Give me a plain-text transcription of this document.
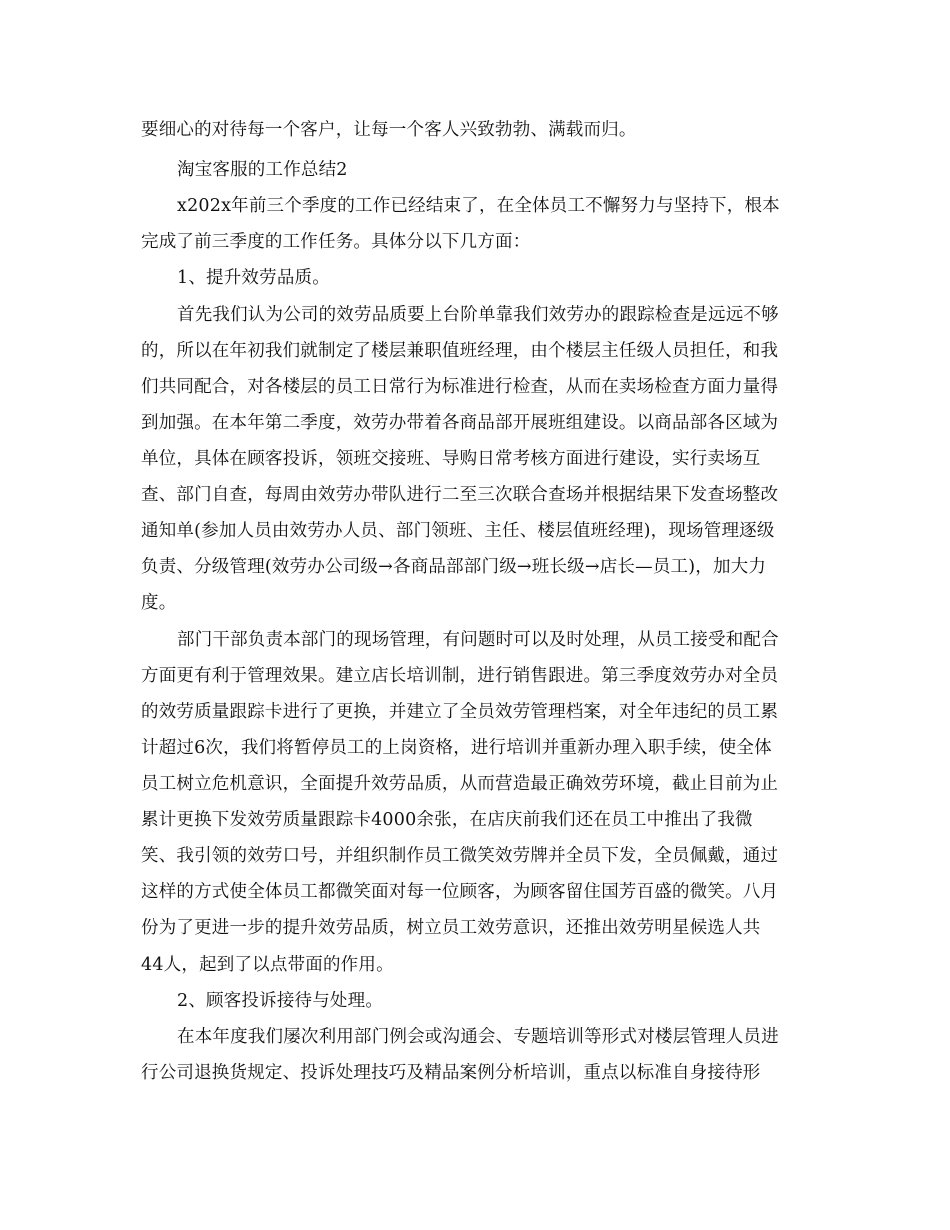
要细心的对待每一个客户，让每一个客人兴致勃勃、满载而归。
淘宝客服的工作总结2
x202x年前三个季度的工作已经结束了，在全体员工不懈努力与坚持下，根本
完成了前三季度的工作任务。具体分以下几方面：
1、提升效劳品质。
首先我们认为公司的效劳品质要上台阶单靠我们效劳办的跟踪检查是远远不够
的，所以在年初我们就制定了楼层兼职值班经理，由个楼层主任级人员担任，和我
们共同配合，对各楼层的员工日常行为标准进行检查，从而在卖场检查方面力量得
到加强。在本年第二季度，效劳办带着各商品部开展班组建设。以商品部各区域为
单位，具体在顾客投诉，领班交接班、导购日常考核方面进行建设，实行卖场互
查、部门自查，每周由效劳办带队进行二至三次联合查场并根据结果下发查场整改
通知单(参加人员由效劳办人员、部门领班、主任、楼层值班经理)，现场管理逐级
负责、分级管理(效劳办公司级→各商品部部门级→班长级→店长—员工)，加大力
度。
部门干部负责本部门的现场管理，有问题时可以及时处理，从员工接受和配合
方面更有利于管理效果。建立店长培训制，进行销售跟进。第三季度效劳办对全员
的效劳质量跟踪卡进行了更换，并建立了全员效劳管理档案，对全年违纪的员工累
计超过6次，我们将暂停员工的上岗资格，进行培训并重新办理入职手续，使全体
员工树立危机意识，全面提升效劳品质，从而营造最正确效劳环境，截止目前为止
累计更换下发效劳质量跟踪卡4000余张，在店庆前我们还在员工中推出了我微
笑、我引领的效劳口号，并组织制作员工微笑效劳牌并全员下发，全员佩戴，通过
这样的方式使全体员工都微笑面对每一位顾客，为顾客留住国芳百盛的微笑。八月
份为了更进一步的提升效劳品质，树立员工效劳意识，还推出效劳明星候选人共
44人，起到了以点带面的作用。
2、顾客投诉接待与处理。
在本年度我们屡次利用部门例会或沟通会、专题培训等形式对楼层管理人员进
行公司退换货规定、投诉处理技巧及精品案例分析培训，重点以标准自身接待形
